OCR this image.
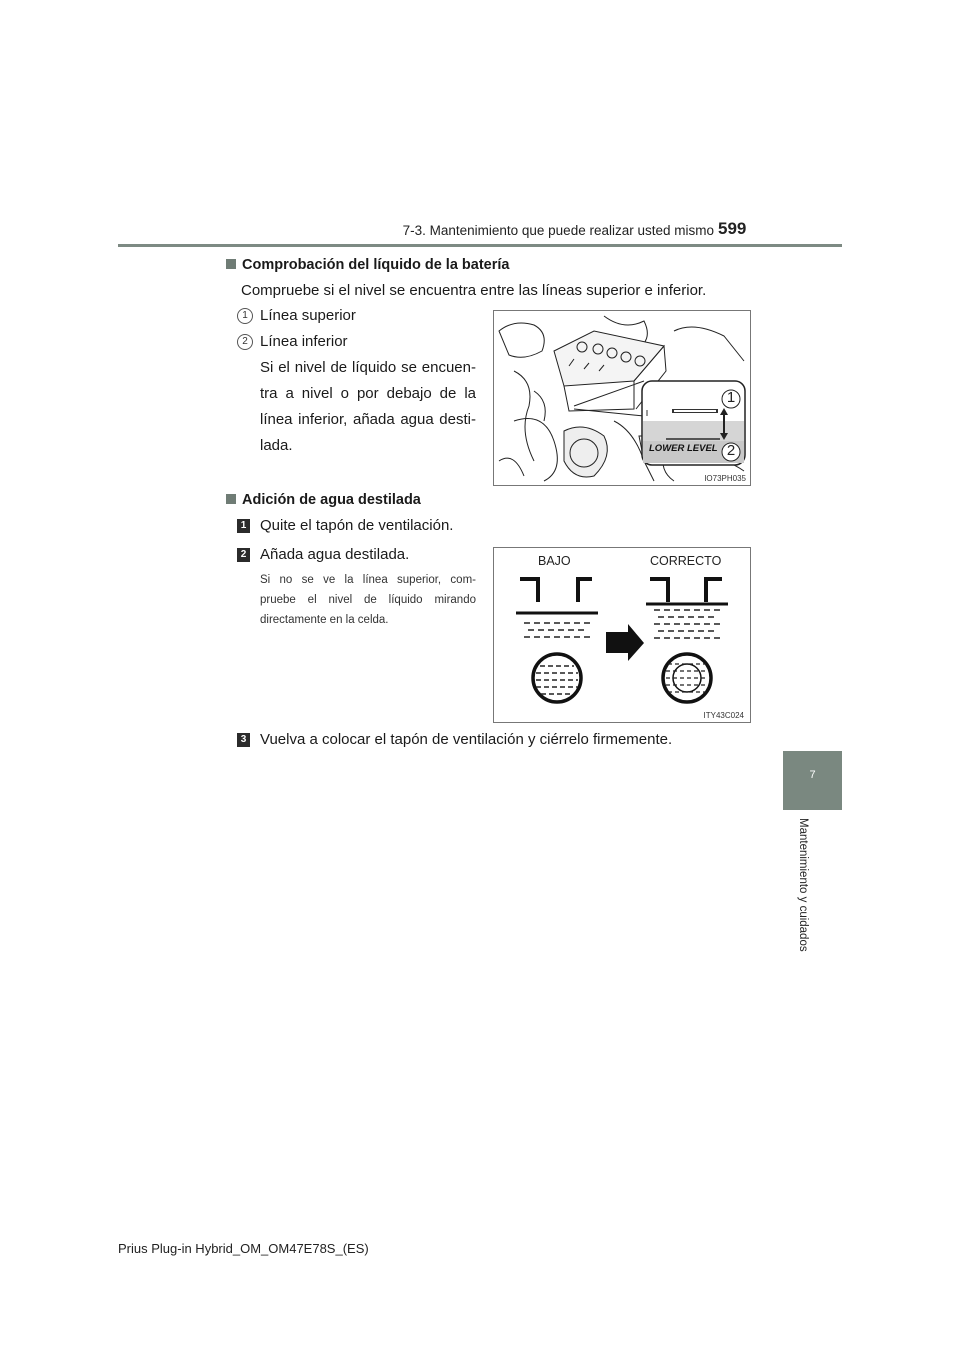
7-3. Mantenimiento que puede realizar usted mismo 599
7
Mantenimiento y cuidados
Comprobación del líquido de la batería
Compruebe si el nivel se encuentra entre las líneas superior e inferior.
1 Línea superior
2 Línea inferior
Si el nivel de líquido se encuen-
tra a nivel o por debajo de la
línea inferior, añada agua desti-
lada.
1
2
LOWER LEVEL
IO73PH035
Adición de agua destilada
1 Quite el tapón de ventilación.
2 Añada agua destilada.
Si no se ve la línea superior, com-
pruebe el nivel de líquido mirando
directamente en la celda.
BAJO	CORRECTO
ITY43C024
3 Vuelva a colocar el tapón de ventilación y ciérrelo firmemente.
Prius Plug-in Hybrid_OM_OM47E78S_(ES)
